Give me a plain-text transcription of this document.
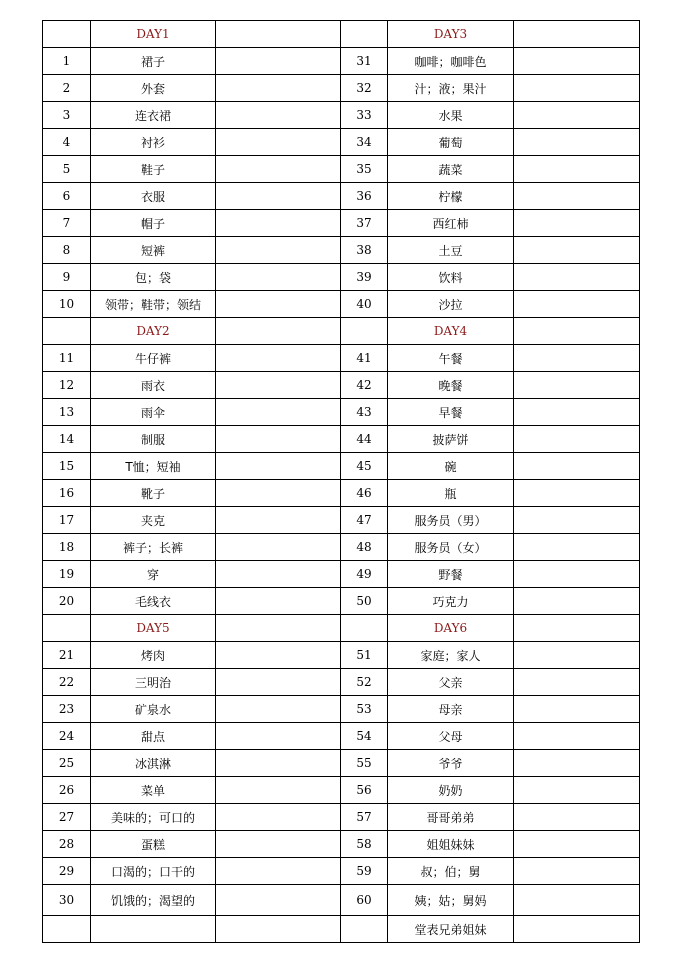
	DAY1			DAY3	
1	裙子		31	咖啡；咖啡色	
2	外套		32	汁；液；果汁	
3	连衣裙		33	水果	
4	衬衫		34	葡萄	
5	鞋子		35	蔬菜	
6	衣服		36	柠檬	
7	帽子		37	西红柿	
8	短裤		38	土豆	
9	包；袋		39	饮料	
10	领带；鞋带；领结		40	沙拉	
	DAY2			DAY4	
11	牛仔裤		41	午餐	
12	雨衣		42	晚餐	
13	雨伞		43	早餐	
14	制服		44	披萨饼	
15	T恤；短袖		45	碗	
16	靴子		46	瓶	
17	夹克		47	服务员（男）	
18	裤子；长裤		48	服务员（女）	
19	穿		49	野餐	
20	毛线衣		50	巧克力	
	DAY5			DAY6	
21	烤肉		51	家庭；家人	
22	三明治		52	父亲	
23	矿泉水		53	母亲	
24	甜点		54	父母	
25	冰淇淋		55	爷爷	
26	菜单		56	奶奶	
27	美味的；可口的		57	哥哥弟弟	
28	蛋糕		58	姐姐妹妹	
29	口渴的；口干的		59	叔；伯；舅	
30	饥饿的；渴望的		60	姨；姑；舅妈	
				堂表兄弟姐妹	
